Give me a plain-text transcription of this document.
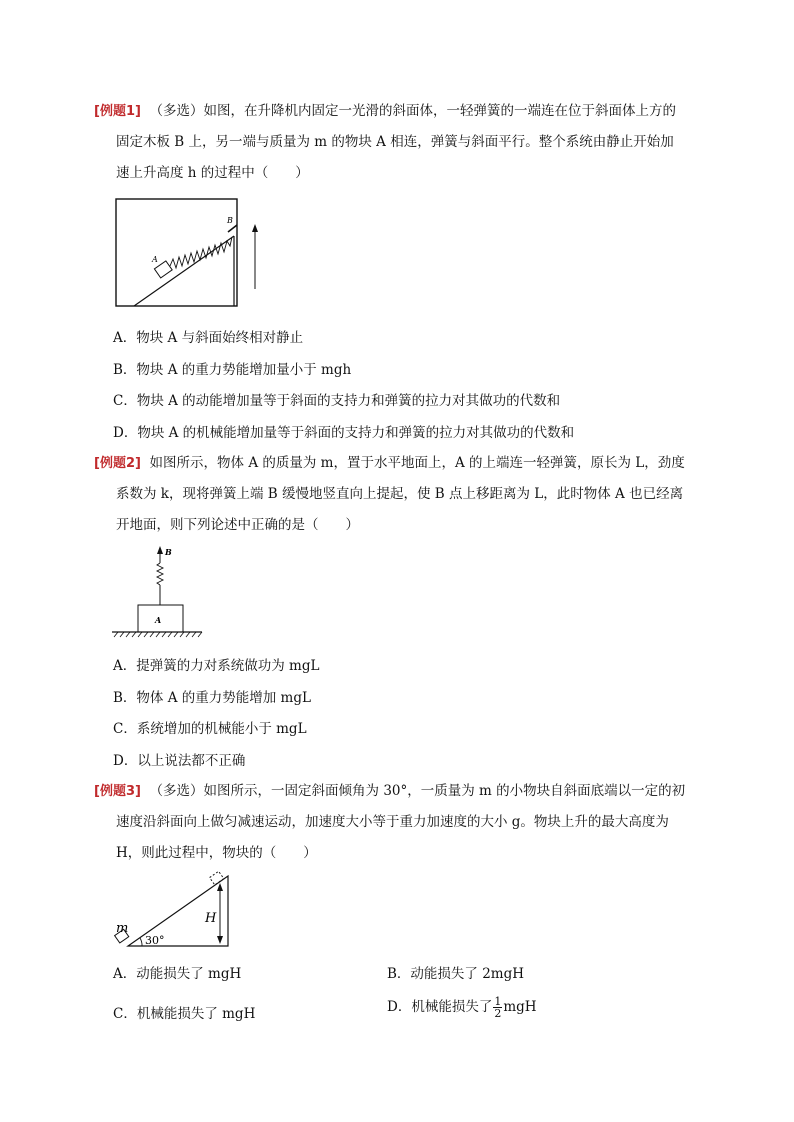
[例题1] （多选）如图，在升降机内固定一光滑的斜面体，一轻弹簧的一端连在位于斜面体上方的
固定木板 B 上，另一端与质量为 m 的物块 A 相连，弹簧与斜面平行。整个系统由静止开始加
速上升高度 h 的过程中（　　）
A
B
A．物块 A 与斜面始终相对静止
B．物块 A 的重力势能增加量小于 mgh
C．物块 A 的动能增加量等于斜面的支持力和弹簧的拉力对其做功的代数和
D．物块 A 的机械能增加量等于斜面的支持力和弹簧的拉力对其做功的代数和
[例题2] 如图所示，物体 A 的质量为 m，置于水平地面上，A 的上端连一轻弹簧，原长为 L，劲度
系数为 k，现将弹簧上端 B 缓慢地竖直向上提起，使 B 点上移距离为 L，此时物体 A 也已经离
开地面，则下列论述中正确的是（　　）
B
A
A．提弹簧的力对系统做功为 mgL
B．物体 A 的重力势能增加 mgL
C．系统增加的机械能小于 mgL
D．以上说法都不正确
[例题3] （多选）如图所示，一固定斜面倾角为 30°，一质量为 m 的小物块自斜面底端以一定的初
速度沿斜面向上做匀减速运动，加速度大小等于重力加速度的大小 g。物块上升的最大高度为
H，则此过程中，物块的（　　）
m
30°
H
A．动能损失了 mgH	B．动能损失了 2mgH
C．机械能损失了 mgH	D．机械能损失了 $\frac{1}{2}$ mgH
